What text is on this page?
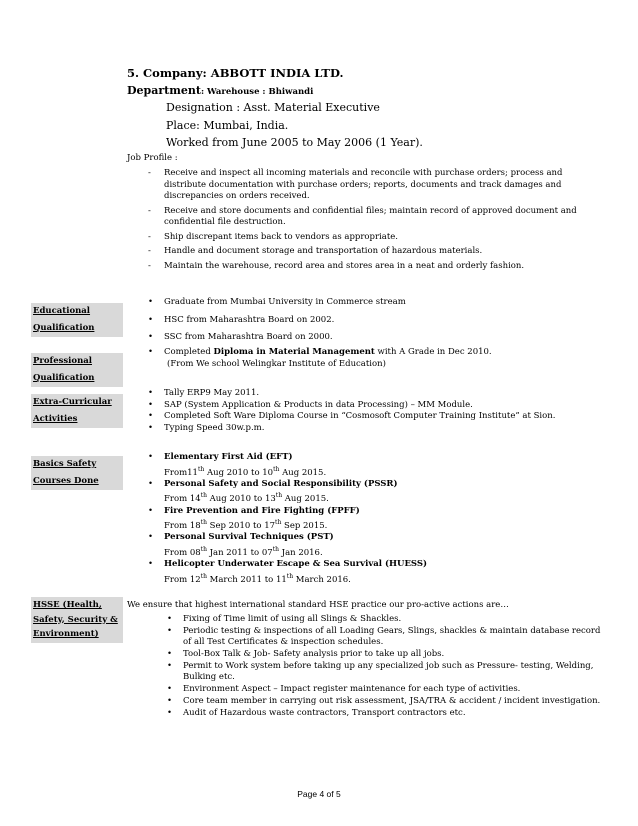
5. Company: ABBOTT INDIA LTD.
Department: Warehouse : Bhiwandi
Designation : Asst. Material Executive
Place: Mumbai, India.
Worked from June 2005 to May 2006 (1 Year).
Job Profile :
- Receive and inspect all incoming materials and reconcile with purchase orders; process and distribute documentation with purchase orders; reports, documents and track damages and discrepancies on orders received.
- Receive and store documents and confidential files; maintain record of approved document and confidential file destruction.
- Ship discrepant items back to vendors as appropriate.
- Handle and document storage and transportation of hazardous materials.
- Maintain the warehouse, record area and stores area in a neat and orderly fashion.
Educational
Qualification
• Graduate from Mumbai University in Commerce stream
• HSC from Maharashtra Board on 2002.
• SSC from Maharashtra Board on 2000.
Professional
Qualification
• Completed Diploma in Material Management with A Grade in Dec 2010.
(From We school Welingkar Institute of Education)
Extra-Curricular
Activities
• Tally ERP9 May 2011.
• SAP (System Application & Products in data Processing) – MM Module.
• Completed Soft Ware Diploma Course in “Cosmosoft Computer Training Institute” at Sion.
• Typing Speed 30w.p.m.
Basics Safety
Courses Done
• Elementary First Aid (EFT)
From11th Aug 2010 to 10th Aug 2015.
• Personal Safety and Social Responsibility (PSSR)
From 14th Aug 2010 to 13th Aug 2015.
• Fire Prevention and Fire Fighting (FPFF)
From 18th Sep 2010 to 17th Sep 2015.
• Personal Survival Techniques (PST)
From 08th Jan 2011 to 07th Jan 2016.
• Helicopter Underwater Escape & Sea Survival (HUESS)
From 12th March 2011 to 11th March 2016.
HSSE (Health,
Safety, Security &
Environment)
We ensure that highest international standard HSE practice our pro-active actions are…
• Fixing of Time limit of using all Slings & Shackles.
• Periodic testing & inspections of all Loading Gears, Slings, shackles & maintain database record of all Test Certificates & inspection schedules.
• Tool-Box Talk & Job- Safety analysis prior to take up all jobs.
• Permit to Work system before taking up any specialized job such as Pressure- testing, Welding, Bulking etc.
• Environment Aspect – Impact register maintenance for each type of activities.
• Core team member in carrying out risk assessment, JSA/TRA & accident / incident investigation.
• Audit of Hazardous waste contractors, Transport contractors etc.
Page 4 of 5
